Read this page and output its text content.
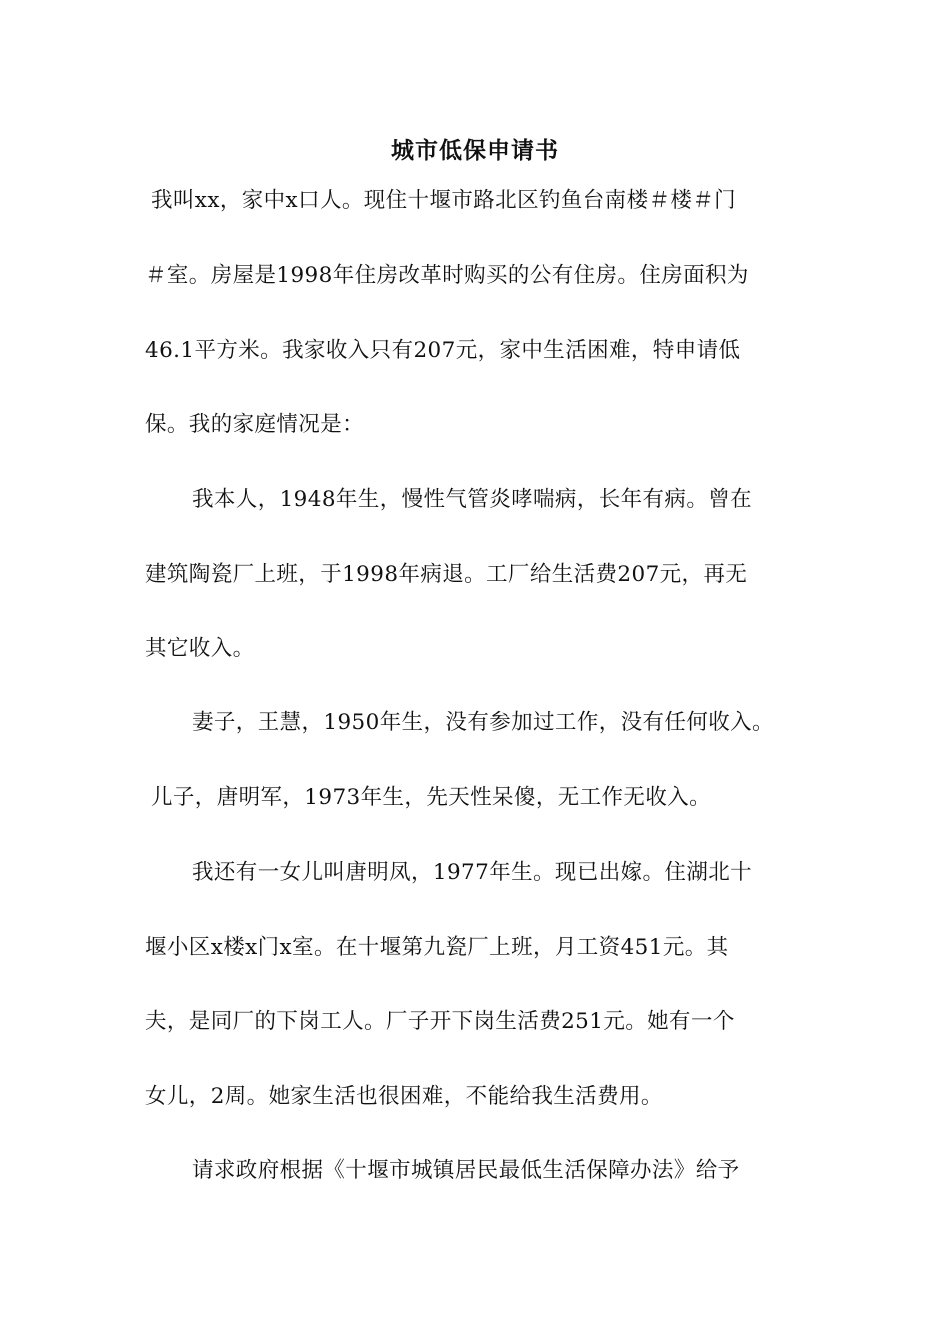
城市低保申请书
我叫xx，家中x口人。现住十堰市路北区钓鱼台南楼＃楼＃门
＃室。房屋是1998年住房改革时购买的公有住房。住房面积为
46.1平方米。我家收入只有207元，家中生活困难，特申请低
保。我的家庭情况是：
我本人，1948年生，慢性气管炎哮喘病，长年有病。曾在
建筑陶瓷厂上班，于1998年病退。工厂给生活费207元，再无
其它收入。
妻子，王慧，1950年生，没有参加过工作，没有任何收入。
儿子，唐明军，1973年生，先天性呆傻，无工作无收入。
我还有一女儿叫唐明凤，1977年生。现已出嫁。住湖北十
堰小区x楼x门x室。在十堰第九瓷厂上班，月工资451元。其
夫，是同厂的下岗工人。厂子开下岗生活费251元。她有一个
女儿，2周。她家生活也很困难，不能给我生活费用。
请求政府根据《十堰市城镇居民最低生活保障办法》给予
